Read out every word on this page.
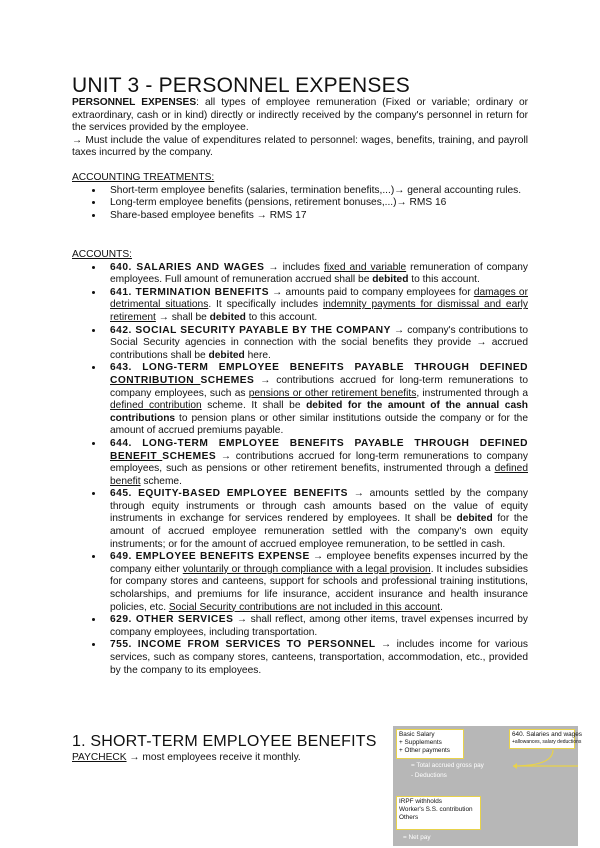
UNIT 3 - PERSONNEL EXPENSES

PERSONNEL EXPENSES: all types of employee remuneration (Fixed or variable; ordinary or extraordinary, cash or in kind) directly or indirectly received by the company's personnel in return for the services provided by the employee.

→ Must include the value of expenditures related to personnel: wages, benefits, training, and payroll taxes incurred by the company.

ACCOUNTING TREATMENTS:

• Short-term employee benefits (salaries, termination benefits,...)→ general accounting rules.
• Long-term employee benefits (pensions, retirement bonuses,...)→ RMS 16
• Share-based employee benefits → RMS 17

ACCOUNTS:

• 640. SALARIES AND WAGES → includes fixed and variable remuneration of company employees. Full amount of remuneration accrued shall be debited to this account.
• 641. TERMINATION BENEFITS → amounts paid to company employees for damages or detrimental situations. It specifically includes indemnity payments for dismissal and early retirement → shall be debited to this account.
• 642. SOCIAL SECURITY PAYABLE BY THE COMPANY → company's contributions to Social Security agencies in connection with the social benefits they provide → accrued contributions shall be debited here.
• 643. LONG-TERM EMPLOYEE BENEFITS PAYABLE THROUGH DEFINED CONTRIBUTION SCHEMES → contributions accrued for long-term remunerations to company employees, such as pensions or other retirement benefits, instrumented through a defined contribution scheme. It shall be debited for the amount of the annual cash contributions to pension plans or other similar institutions outside the company or for the amount of accrued premiums payable.
• 644. LONG-TERM EMPLOYEE BENEFITS PAYABLE THROUGH DEFINED BENEFIT SCHEMES → contributions accrued for long-term remunerations to company employees, such as pensions or other retirement benefits, instrumented through a defined benefit scheme.
• 645. EQUITY-BASED EMPLOYEE BENEFITS → amounts settled by the company through equity instruments or through cash amounts based on the value of equity instruments in exchange for services rendered by employees. It shall be debited for the amount of accrued employee remuneration settled with the company's own equity instruments; or for the amount of accrued employee remuneration, to be settled in cash.
• 649. EMPLOYEE BENEFITS EXPENSE → employee benefits expenses incurred by the company either voluntarily or through compliance with a legal provision. It includes subsidies for company stores and canteens, support for schools and professional training institutions, scholarships, and premiums for life insurance, accident insurance and health insurance policies, etc. Social Security contributions are not included in this account.
• 629. OTHER SERVICES → shall reflect, among other items, travel expenses incurred by company employees, including transportation.
• 755. INCOME FROM SERVICES TO PERSONNEL → includes income for various services, such as company stores, canteens, transportation, accommodation, etc., provided by the company to its employees.
1. SHORT-TERM EMPLOYEE BENEFITS
PAYCHECK → most employees receive it monthly.
Basic Salary
+ Supplements
+ Other payments
640. Salaries and wages
+allowances, salary deductions
= Total accrued gross pay
- Deductions
IRPF withholds
Worker's S.S. contribution
Others
= Net pay
